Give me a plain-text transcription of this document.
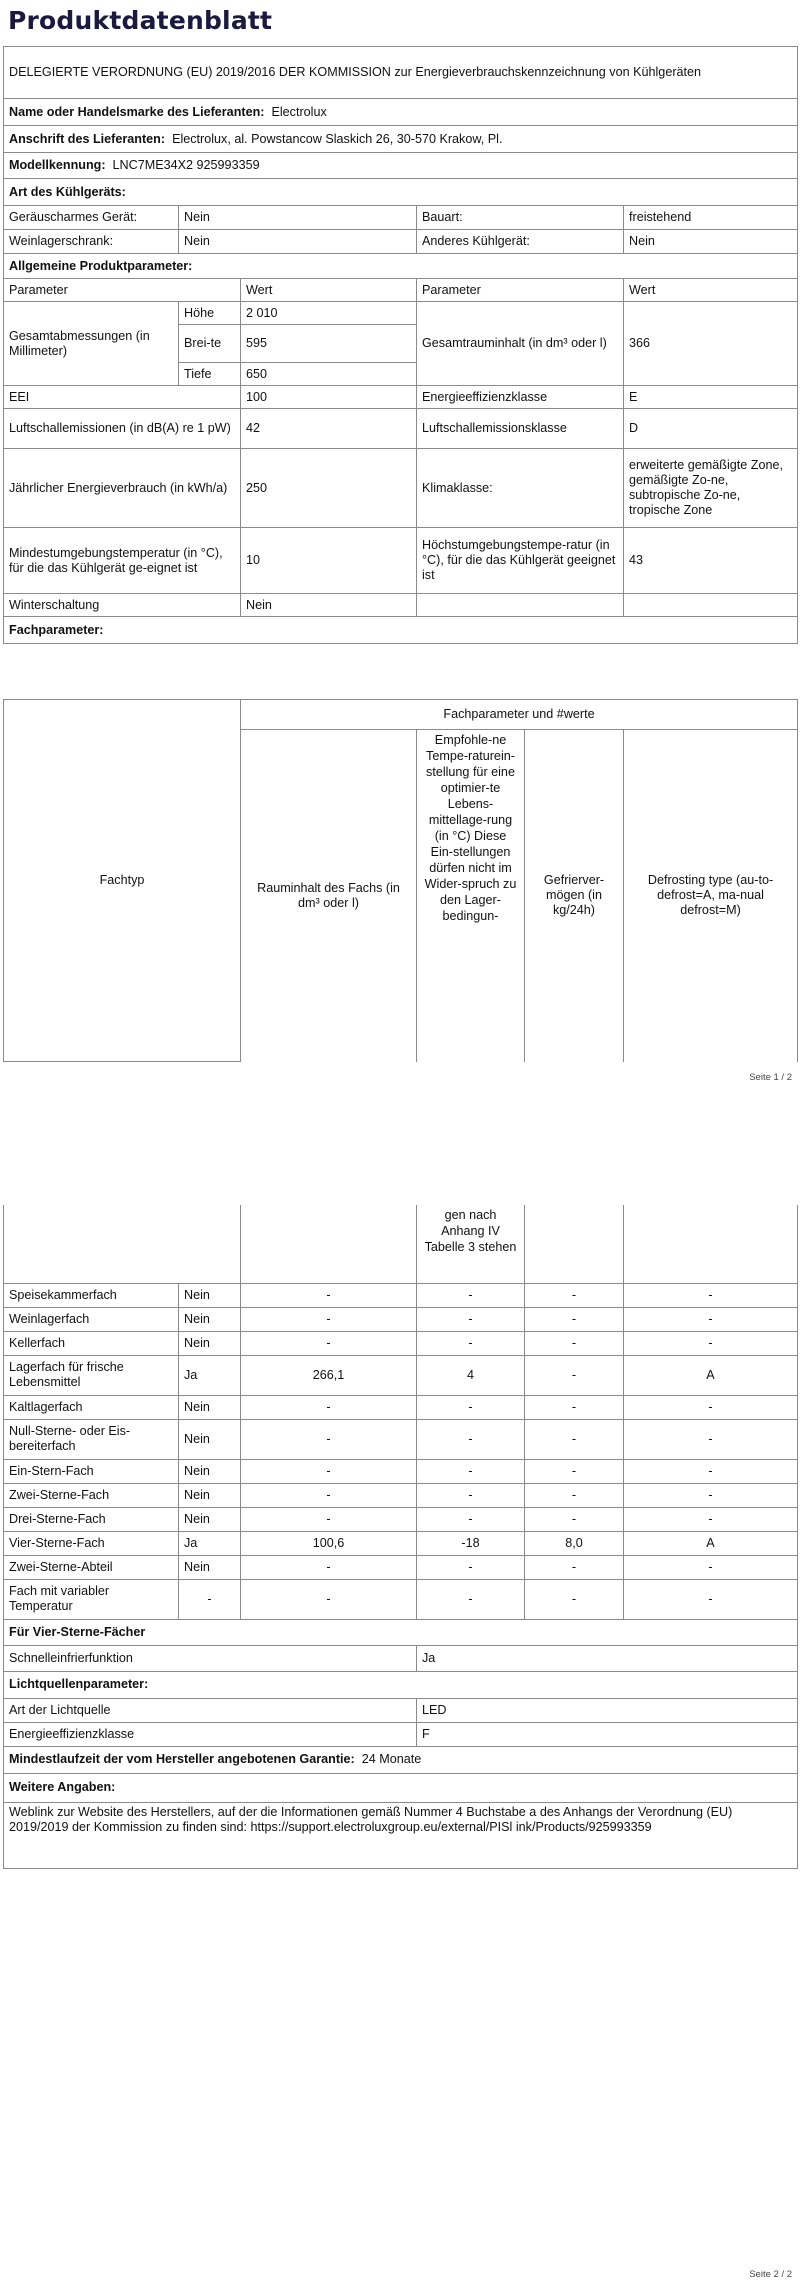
Produktdatenblatt
DELEGIERTE VERORDNUNG (EU) 2019/2016 DER KOMMISSION zur Energieverbrauchskennzeichnung von Kühlgeräten				
Name oder Handelsmarke des Lieferanten: Electrolux				
Anschrift des Lieferanten: Electrolux, al. Powstancow Slaskich 26, 30-570 Krakow, Pl.				
Modellkennung: LNC7ME34X2 925993359				
Art des Kühlgeräts:				
Geräuscharmes Gerät:	Nein		Bauart:	freistehend
Weinlagerschrank:	Nein		Anderes Kühlgerät:	Nein
Allgemeine Produktparameter:				
Parameter		Wert	Parameter	Wert
Gesamtabmessungen (in Millimeter)	Höhe	2 010	Gesamtrauminhalt (in dm³ oder l)	366
	Brei-te	595		
	Tiefe	650		
EEI		100	Energieeffizienzklasse	E
Luftschallemissionen (in dB(A) re 1 pW)		42	Luftschallemissionsklasse	D
Jährlicher Energieverbrauch (in kWh/a)		250	Klimaklasse:	erweiterte gemäßigte Zone, gemäßigte Zo-ne, subtropische Zo-ne, tropische Zone
Mindestumgebungstemperatur (in °C), für die das Kühlgerät ge-eignet ist		10	Höchstumgebungstempe-ratur (in °C), für die das Kühlgerät geeignet ist	43
Winterschaltung		Nein		
Fachparameter:				
Fachtyp	Fachparameter und #werte			
	Rauminhalt des Fachs (in dm³ oder l)	Empfohle-ne Tempe-raturein-stellung für eine optimier-te Lebens-mittellage-rung (in °C) Diese Ein-stellungen dürfen nicht im Wider-spruch zu den Lager-bedingun-	Gefrierver-mögen (in kg/24h)	Defrosting type (au-to-defrost=A, ma-nual defrost=M)
Seite 1 / 2
			gen nach Anhang IV Tabelle 3 stehen		
Speisekammerfach	Nein	-	-	-	-
Weinlagerfach	Nein	-	-	-	-
Kellerfach	Nein	-	-	-	-
Lagerfach für frische Lebensmittel	Ja	266,1	4	-	A
Kaltlagerfach	Nein	-	-	-	-
Null-Sterne- oder Eis-bereiterfach	Nein	-	-	-	-
Ein-Stern-Fach	Nein	-	-	-	-
Zwei-Sterne-Fach	Nein	-	-	-	-
Drei-Sterne-Fach	Nein	-	-	-	-
Vier-Sterne-Fach	Ja	100,6	-18	8,0	A
Zwei-Sterne-Abteil	Nein	-	-	-	-
Fach mit variabler Temperatur	-	-	-	-	-
Für Vier-Sterne-Fächer					
Schnelleinfrierfunktion			Ja		
Lichtquellenparameter:					
Art der Lichtquelle			LED		
Energieeffizienzklasse			F		
Mindestlaufzeit der vom Hersteller angebotenen Garantie: 24 Monate					
Weitere Angaben:					
Weblink zur Website des Herstellers, auf der die Informationen gemäß Nummer 4 Buchstabe a des Anhangs der Verordnung (EU) 2019/2019 der Kommission zu finden sind: https://support.electroluxgroup.eu/external/PISl ink/Products/925993359					
Seite 2 / 2
